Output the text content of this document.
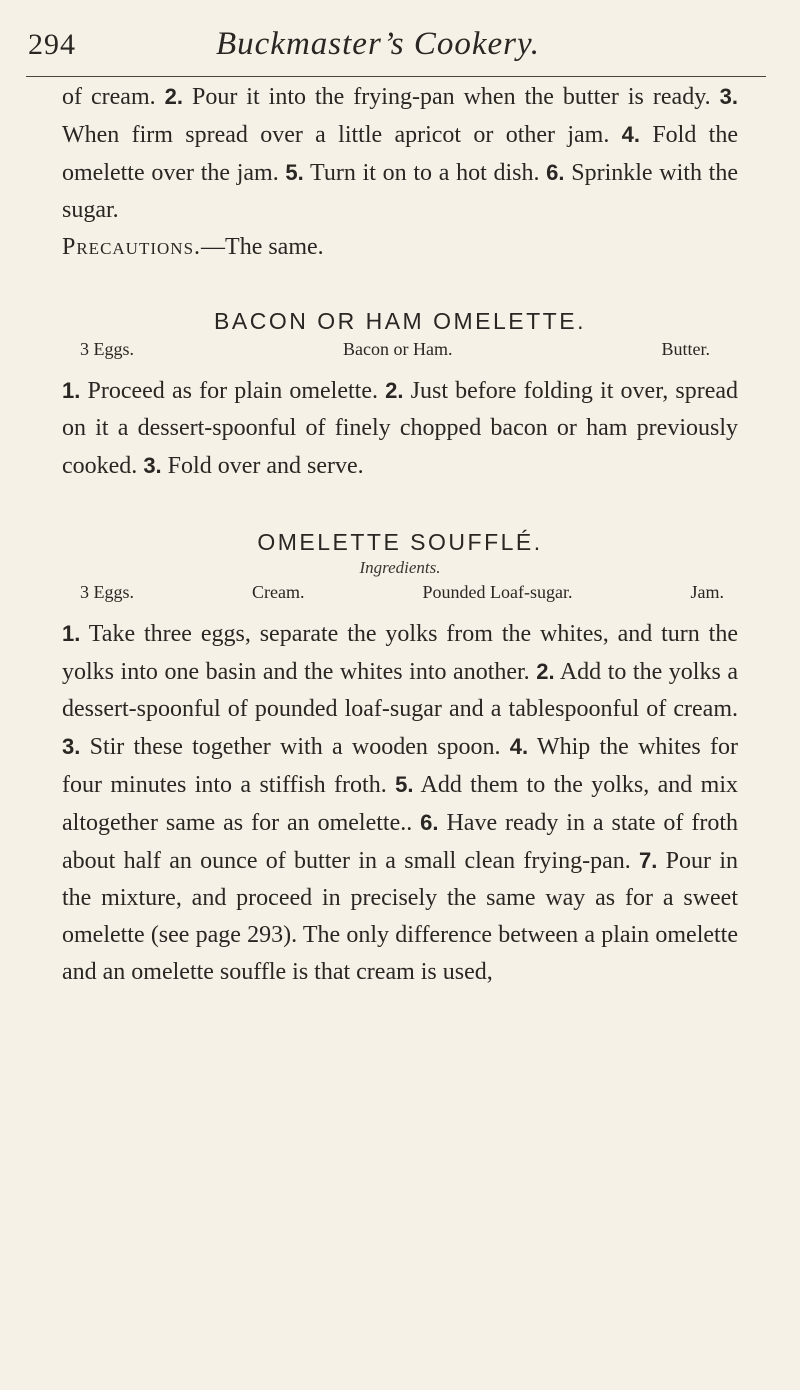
294	Buckmaster’s Cookery.

of cream. 2. Pour it into the frying-pan when the butter is ready. 3. When firm spread over a little apricot or other jam. 4. Fold the omelette over the jam. 5. Turn it on to a hot dish. 6. Sprinkle with the sugar.

Precautions.—The same.

BACON OR HAM OMELETTE.

3 Eggs.	Bacon or Ham.	Butter.

1. Proceed as for plain omelette. 2. Just before folding it over, spread on it a dessert-spoonful of finely chopped bacon or ham previously cooked. 3. Fold over and serve.

OMELETTE SOUFFLÉ.

Ingredients.

3 Eggs.	Cream.	Pounded Loaf-sugar.	Jam.

1. Take three eggs, separate the yolks from the whites, and turn the yolks into one basin and the whites into another. 2. Add to the yolks a dessert-spoonful of pounded loaf-sugar and a tablespoonful of cream. 3. Stir these together with a wooden spoon. 4. Whip the whites for four minutes into a stiffish froth. 5. Add them to the yolks, and mix altogether same as for an omelette.. 6. Have ready in a state of froth about half an ounce of butter in a small clean frying-pan. 7. Pour in the mixture, and proceed in precisely the same way as for a sweet omelette (see page 293). The only difference between a plain omelette and an omelette souffle is that cream is used,
